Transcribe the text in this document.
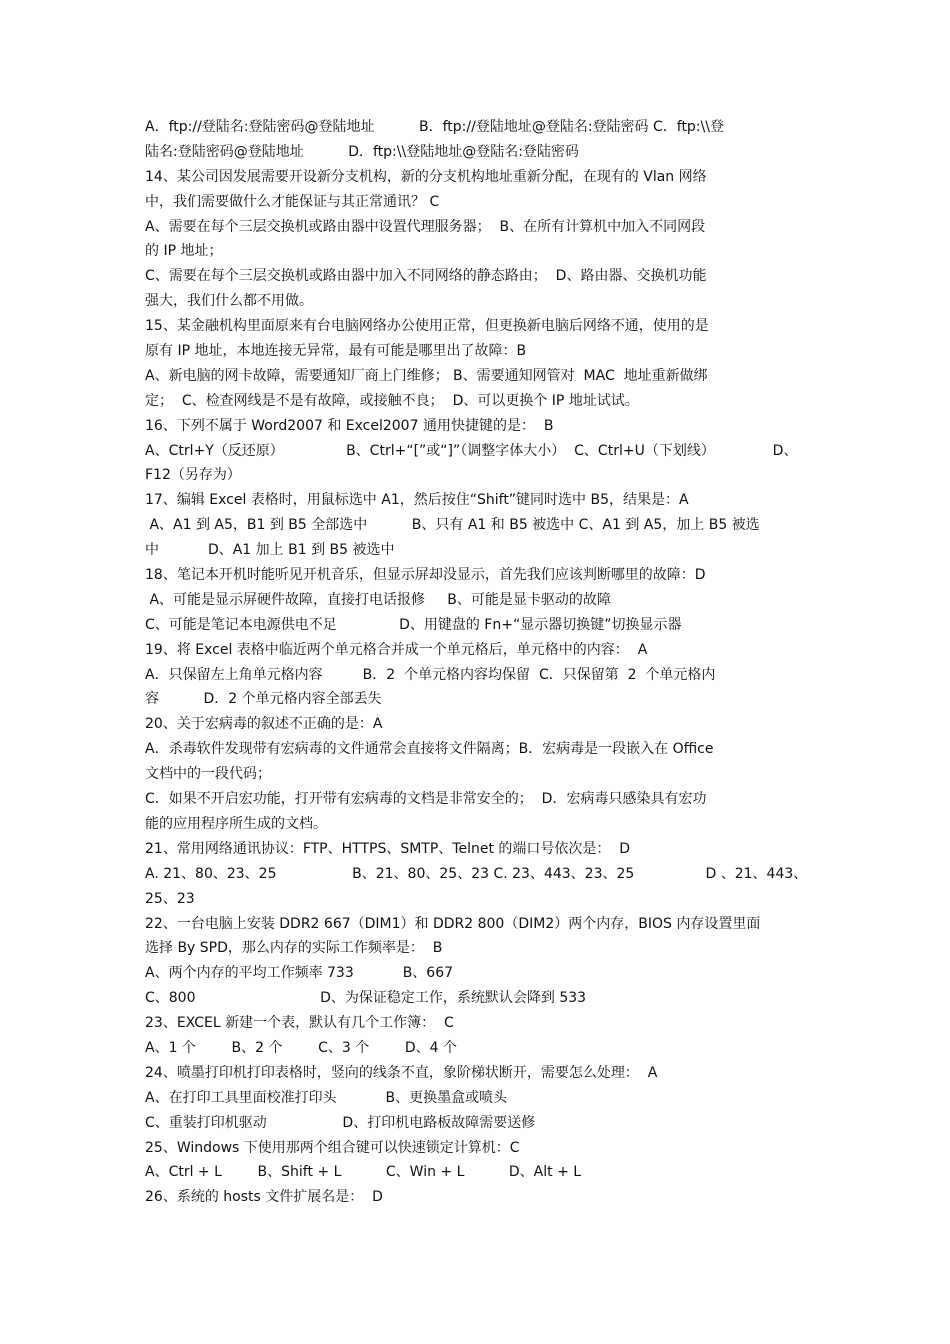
A．ftp://登陆名:登陆密码@登陆地址          B．ftp://登陆地址@登陆名:登陆密码 C．ftp:\\登
陆名:登陆密码@登陆地址          D．ftp:\\登陆地址@登陆名:登陆密码
14、某公司因发展需要开设新分支机构，新的分支机构地址重新分配，在现有的 Vlan 网络
中，我们需要做什么才能保证与其正常通讯？ C
A、需要在每个三层交换机或路由器中设置代理服务器；  B、在所有计算机中加入不同网段
的 IP 地址；
C、需要在每个三层交换机或路由器中加入不同网络的静态路由；  D、路由器、交换机功能
强大，我们什么都不用做。
15、某金融机构里面原来有台电脑网络办公使用正常，但更换新电脑后网络不通，使用的是
原有 IP 地址，本地连接无异常，最有可能是哪里出了故障：B
A、新电脑的网卡故障，需要通知厂商上门维修； B、需要通知网管对  MAC  地址重新做绑
定；  C、检查网线是不是有故障，或接触不良；  D、可以更换个 IP 地址试试。
16、下列不属于 Word2007 和 Excel2007 通用快捷键的是：  B
A、Ctrl+Y（反还原）              B、Ctrl+“[”或“]”（调整字体大小）  C、Ctrl+U（下划线）             D、
F12（另存为）
17、编辑 Excel 表格时，用鼠标选中 A1，然后按住“Shift”键同时选中 B5，结果是：A
A、A1 到 A5，B1 到 B5 全部选中          B、只有 A1 和 B5 被选中 C、A1 到 A5，加上 B5 被选
中           D、A1 加上 B1 到 B5 被选中
18、笔记本开机时能听见开机音乐，但显示屏却没显示，首先我们应该判断哪里的故障：D
A、可能是显示屏硬件故障，直接打电话报修     B、可能是显卡驱动的故障
C、可能是笔记本电源供电不足              D、用键盘的 Fn+“显示器切换键”切换显示器
19、将 Excel 表格中临近两个单元格合并成一个单元格后，单元格中的内容：  A
A．只保留左上角单元格内容         B．2  个单元格内容均保留  C．只保留第  2  个单元格内
容          D．2 个单元格内容全部丢失
20、关于宏病毒的叙述不正确的是：A
A．杀毒软件发现带有宏病毒的文件通常会直接将文件隔离；B．宏病毒是一段嵌入在 Office
文档中的一段代码；
C．如果不开启宏功能，打开带有宏病毒的文档是非常安全的；  D．宏病毒只感染具有宏功
能的应用程序所生成的文档。
21、常用网络通讯协议：FTP、HTTPS、SMTP、Telnet 的端口号依次是：  D
A. 21、80、23、25                 B、21、80、25、23 C. 23、443、23、25                D 、21、443、
25、23
22、一台电脑上安装 DDR2 667（DIM1）和 DDR2 800（DIM2）两个内存，BIOS 内存设置里面
选择 By SPD，那么内存的实际工作频率是：  B
A、两个内存的平均工作频率 733           B、667
C、800                            D、为保证稳定工作，系统默认会降到 533
23、EXCEL 新建一个表，默认有几个工作簿：  C
A、1 个        B、2 个        C、3 个        D、4 个
24、喷墨打印机打印表格时，竖向的线条不直，象阶梯状断开，需要怎么处理：  A
A、在打印工具里面校准打印头           B、更换墨盒或喷头
C、重装打印机驱动                 D、打印机电路板故障需要送修
25、Windows 下使用那两个组合键可以快速锁定计算机：C
A、Ctrl + L        B、Shift + L          C、Win + L          D、Alt + L
26、系统的 hosts 文件扩展名是：  D
